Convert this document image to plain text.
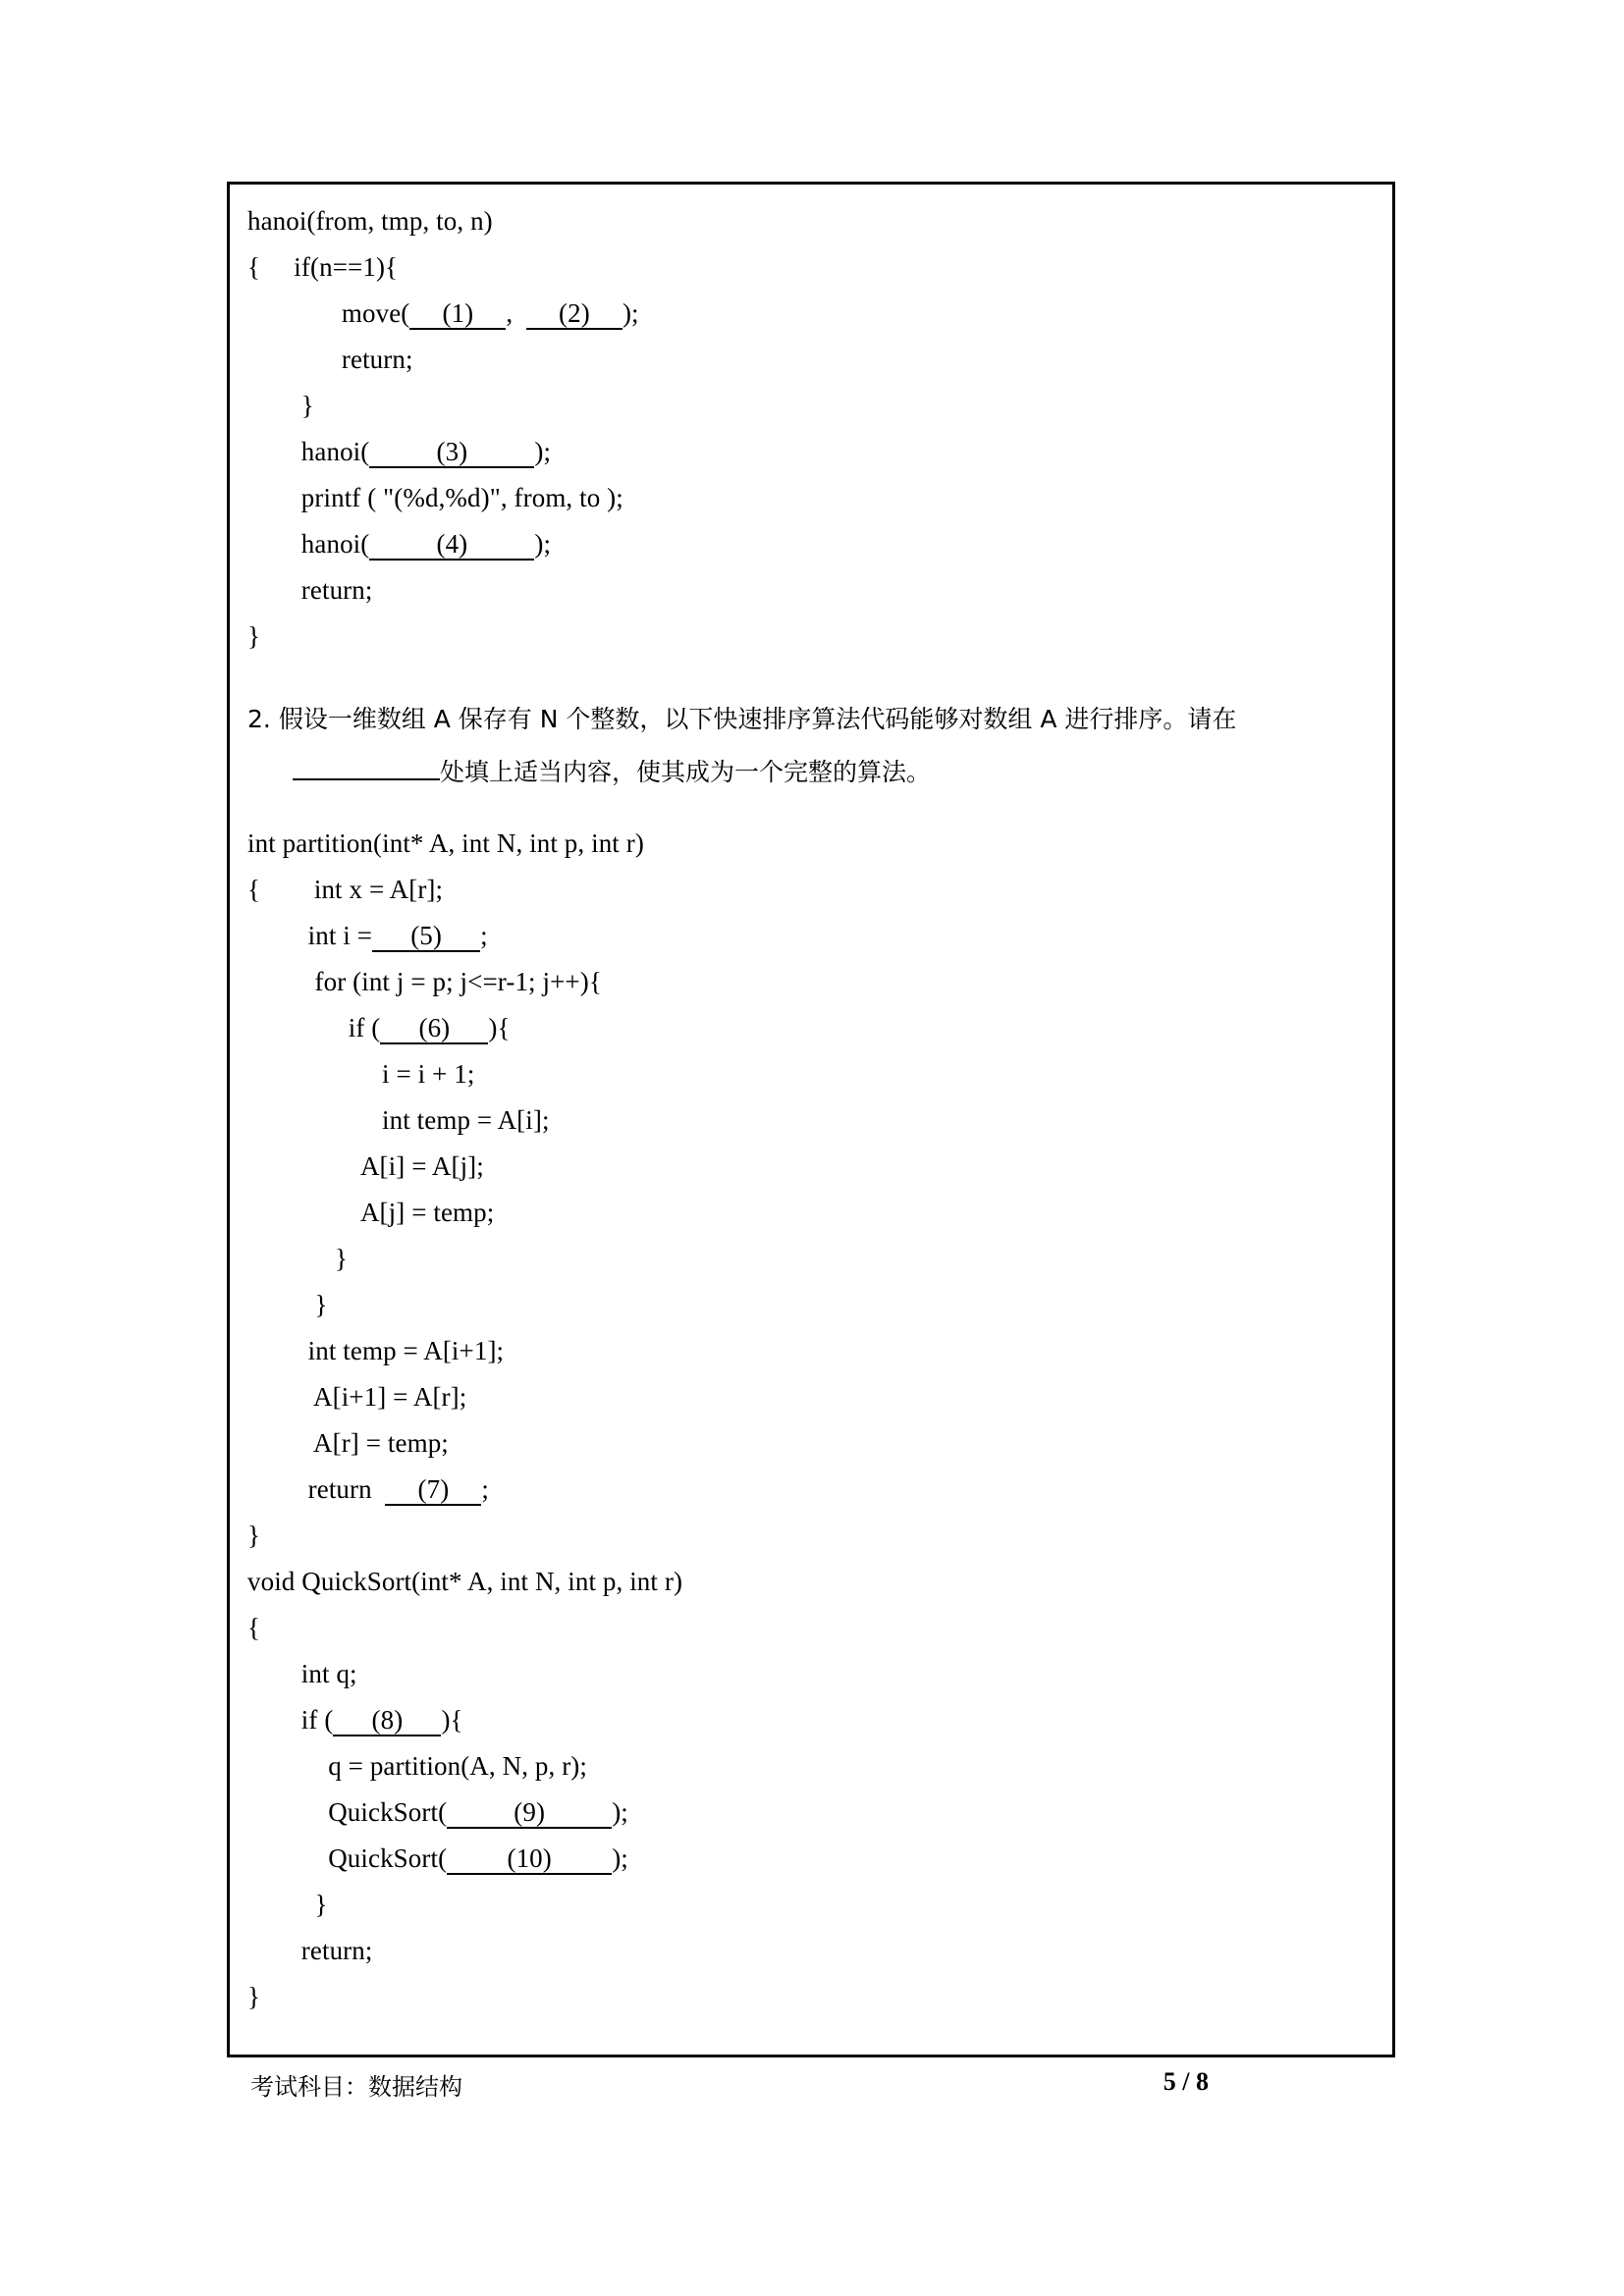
hanoi(from, tmp, to, n)
{     if(n==1){
move( (1) ,  (2) );
return;
}
hanoi(	(3)	);
printf ( "(%d,%d)", from, to );
hanoi(	(4)	);
return;
}
2. 假设一维数组 A 保存有 N 个整数，以下快速排序算法代码能够对数组 A 进行排序。请在
处填上适当内容，使其成为一个完整的算法。
int partition(int* A, int N, int p, int r)
{        int x = A[r];
int i = (5) ;
for (int j = p; j<=r-1; j++){
if ( (6) ){
i = i + 1;
int temp = A[i];
A[i] = A[j];
A[j] = temp;
}
}
int temp = A[i+1];
A[i+1] = A[r];
A[r] = temp;
return  (7) ;
}
void QuickSort(int* A, int N, int p, int r)
{
int q;
if ( (8) ){
q = partition(A, N, p, r);
QuickSort(	(9)	);
QuickSort( (10) );
}
return;
}
考试科目：数据结构	5 / 8
